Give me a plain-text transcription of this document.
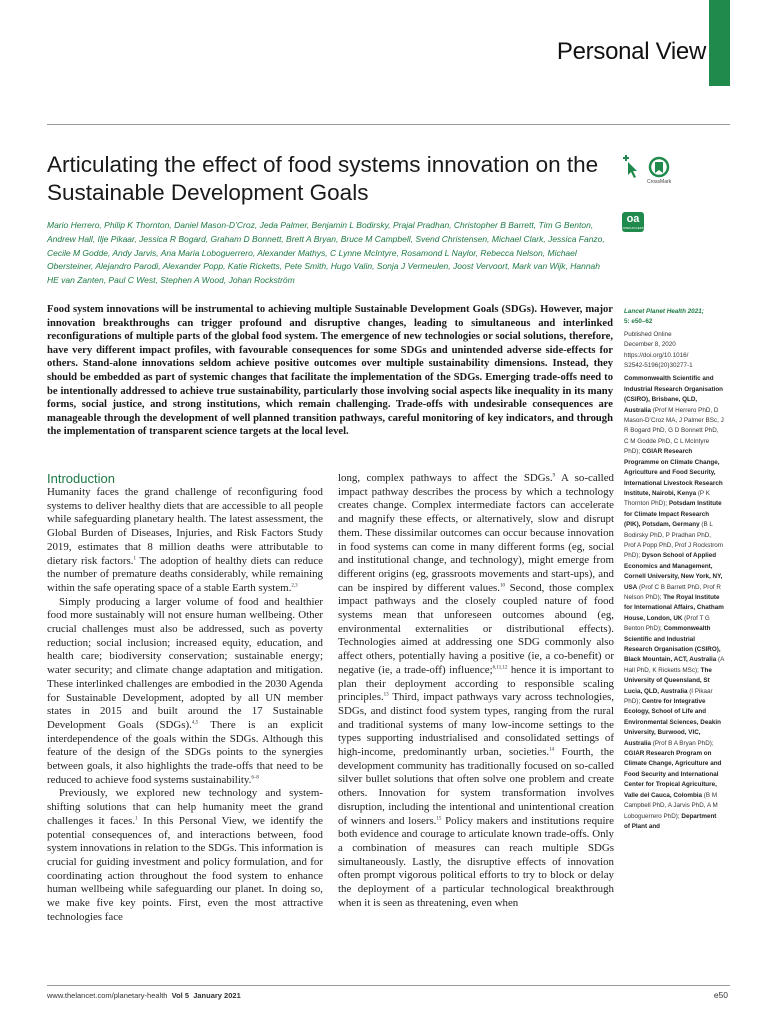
Personal View
Articulating the effect of food systems innovation on the
Sustainable Development Goals	CrossMark
oa
OPEN ACCESS
Mario Herrero, Philip K Thornton, Daniel Mason-D’Croz, Jeda Palmer, Benjamin L Bodirsky, Prajal Pradhan, Christopher B Barrett, Tim G Benton, Andrew Hall, Ilje Pikaar, Jessica R Bogard, Graham D Bonnett, Brett A Bryan, Bruce M Campbell, Svend Christensen, Michael Clark, Jessica Fanzo, Cecile M Godde, Andy Jarvis, Ana Maria Loboguerrero, Alexander Mathys, C Lynne McIntyre, Rosamond L Naylor, Rebecca Nelson, Michael Obersteiner, Alejandro Parodi, Alexander Popp, Katie Ricketts, Pete Smith, Hugo Valin, Sonja J Vermeulen, Joost Vervoort, Mark van Wijk, Hannah HE van Zanten, Paul C West, Stephen A Wood, Johan Rockström
Food system innovations will be instrumental to achieving multiple Sustainable Development Goals (SDGs). However, major innovation breakthroughs can trigger profound and disruptive changes, leading to simultaneous and interlinked reconfigurations of multiple parts of the global food system. The emergence of new technologies or social solutions, therefore, have very different impact profiles, with favourable consequences for some SDGs and unintended adverse side-effects for others. Stand-alone innovations seldom achieve positive outcomes over multiple sustainability dimensions. Instead, they should be embedded as part of systemic changes that facilitate the implementation of the SDGs. Emerging trade-offs need to be intentionally addressed to achieve true sustainability, particularly those involving social aspects like inequality in its many forms, social justice, and strong institutions, which remain challenging. Trade-offs with undesirable consequences are manageable through the development of well planned transition pathways, careful monitoring of key indicators, and through the implementation of transparent science targets at the local level.
Introduction

Humanity faces the grand challenge of reconfiguring food systems to deliver healthy diets that are accessible to all people while safeguarding planetary health. The latest assessment, the Global Burden of Diseases, Injuries, and Risk Factors Study 2019, estimates that 8 million deaths were attributable to dietary risk factors.$^1$ The adoption of healthy diets can reduce the number of premature deaths considerably, while remaining within the safe operating space of a stable Earth system.$^{2,3}$

Simply producing a larger volume of food and healthier food more sustainably will not ensure human wellbeing. Other crucial challenges must also be addressed, such as poverty reduction; social inclusion; increased equity, education, and health care; biodiversity conservation; sustainable energy; water security; and climate change adaptation and mitigation. These interlinked challenges are embodied in the 2030 Agenda for Sustainable Development, adopted by all UN member states in 2015 and built around the 17 Sustainable Development Goals (SDGs).$^{4,5}$ There is an explicit interdependence of the goals within the SDGs. Although this feature of the design of the SDGs points to the synergies between goals, it also highlights the trade-offs that need to be reduced to achieve food systems sustainability.$^{6-8}$

Previously, we explored new technology and system-shifting solutions that can help humanity meet the grand challenges it faces.$^1$ In this Personal View, we identify the potential consequences of, and interactions between, food system innovations in relation to the SDGs. This information is crucial for guiding investment and policy formulation, and for coordinating action throughout the food system to enhance human wellbeing while safeguarding our planet. In doing so, we make five key points. First, even the most attractive technologies face

long, complex pathways to affect the SDGs.$^9$ A so-called impact pathway describes the process by which a technology creates change. Complex intermediate factors can accelerate and magnify these effects, or alternatively, slow and disrupt them. These dissimilar outcomes can occur because innovation in food systems can come in many different forms (eg, social and institutional change, and technology), might emerge from different origins (eg, grassroots movements and start-ups), and can be inspired by different values.$^{10}$ Second, those complex impact pathways and the closely coupled nature of food systems mean that unforeseen outcomes abound (eg, environmental externalities or distributional effects). Technologies aimed at addressing one SDG commonly also affect others, potentially having a positive (ie, a co-benefit) or negative (ie, a trade-off) influence;$^{6,11,12}$ hence it is important to plan their deployment according to responsible scaling principles.$^{13}$ Third, impact pathways vary across technologies, SDGs, and distinct food system types, ranging from the rural and traditional systems of many low-income settings to the types supporting industrialised and consolidated settings of high-income, predominantly urban, societies.$^{14}$ Fourth, the development community has traditionally focused on so-called silver bullet solutions that often solve one problem and create others. Innovation for system transformation involves disruption, including the intentional and unintentional creation of winners and losers.$^{15}$ Policy makers and institutions require both evidence and courage to articulate known trade-offs. Only a combination of measures can reach multiple SDGs simultaneously. Lastly, the disruptive effects of innovation often prompt vigorous political efforts to try to block or delay the deployment of a particular technological breakthrough when it is seen as threatening, even when

Lancet Planet Health 2021;
5: e50–62
Published Online
December 8, 2020
https://doi.org/10.1016/
S2542-5196(20)30277-1
Commonwealth Scientific and Industrial Research Organisation (CSIRO), Brisbane, QLD, Australia (Prof M Herrero PhD, D Mason-D’Croz MA, J Palmer BSc, J R Bogard PhD, G D Bonnett PhD, C M Godde PhD, C L McIntyre PhD); CGIAR Research Programme on Climate Change, Agriculture and Food Security, International Livestock Research Institute, Nairobi, Kenya (P K Thornton PhD); Potsdam Institute for Climate Impact Research (PIK), Potsdam, Germany (B L Bodirsky PhD, P Pradhan PhD, Prof A Popp PhD, Prof J Rockstrom PhD); Dyson School of Applied Economics and Management, Cornell University, New York, NY, USA (Prof C B Barrett PhD, Prof R Nelson PhD); The Royal Institute for International Affairs, Chatham House, London, UK (Prof T G Benton PhD); Commonwealth Scientific and Industrial Research Organisation (CSIRO), Black Mountain, ACT, Australia (A Hall PhD, K Ricketts MSc); The University of Queensland, St Lucia, QLD, Australia (I Pikaar PhD); Centre for Integrative Ecology, School of Life and Environmental Sciences, Deakin University, Burwood, VIC, Australia (Prof B A Bryan PhD); CGIAR Research Program on Climate Change, Agriculture and Food Security and International Center for Tropical Agriculture, Valle del Cauca, Colombia (B M Campbell PhD, A Jarvis PhD, A M Loboguerrero PhD); Department of Plant and
www.thelancet.com/planetary-health Vol 5 January 2021	e50
